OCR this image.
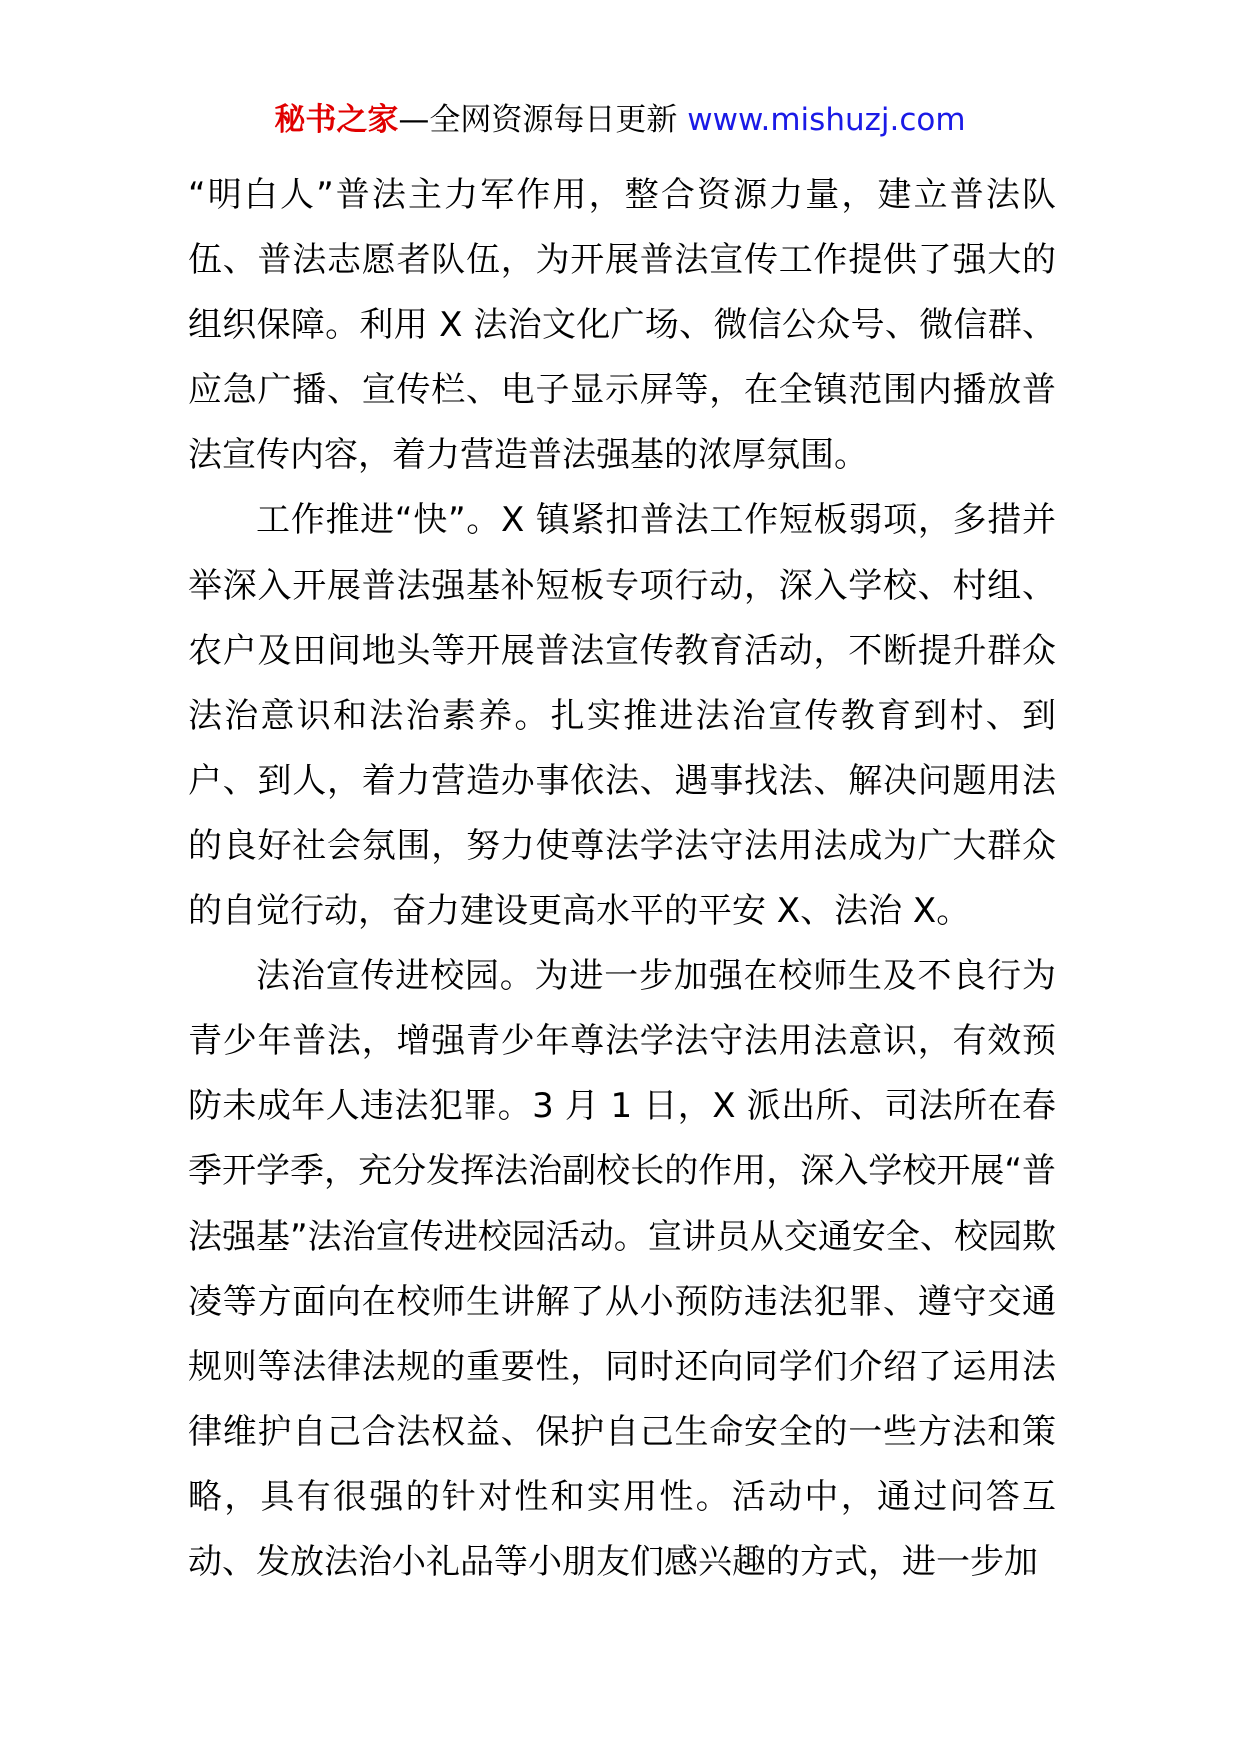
秘书之家—全网资源每日更新 www.mishuzj.com

“明白人”普法主力军作用，整合资源力量，建立普法队伍、普法志愿者队伍，为开展普法宣传工作提供了强大的组织保障。利用 X 法治文化广场、微信公众号、微信群、应急广播、宣传栏、电子显示屏等，在全镇范围内播放普法宣传内容，着力营造普法强基的浓厚氛围。

工作推进“快”。X 镇紧扣普法工作短板弱项，多措并举深入开展普法强基补短板专项行动，深入学校、村组、农户及田间地头等开展普法宣传教育活动，不断提升群众法治意识和法治素养。扎实推进法治宣传教育到村、到户、到人，着力营造办事依法、遇事找法、解决问题用法的良好社会氛围，努力使尊法学法守法用法成为广大群众的自觉行动，奋力建设更高水平的平安 X、法治 X。

法治宣传进校园。为进一步加强在校师生及不良行为青少年普法，增强青少年尊法学法守法用法意识，有效预防未成年人违法犯罪。3 月 1 日，X 派出所、司法所在春季开学季，充分发挥法治副校长的作用，深入学校开展“普法强基”法治宣传进校园活动。宣讲员从交通安全、校园欺凌等方面向在校师生讲解了从小预防违法犯罪、遵守交通规则等法律法规的重要性，同时还向同学们介绍了运用法律维护自己合法权益、保护自己生命安全的一些方法和策略，具有很强的针对性和实用性。活动中，通过问答互动、发放法治小礼品等小朋友们感兴趣的方式，进一步加
